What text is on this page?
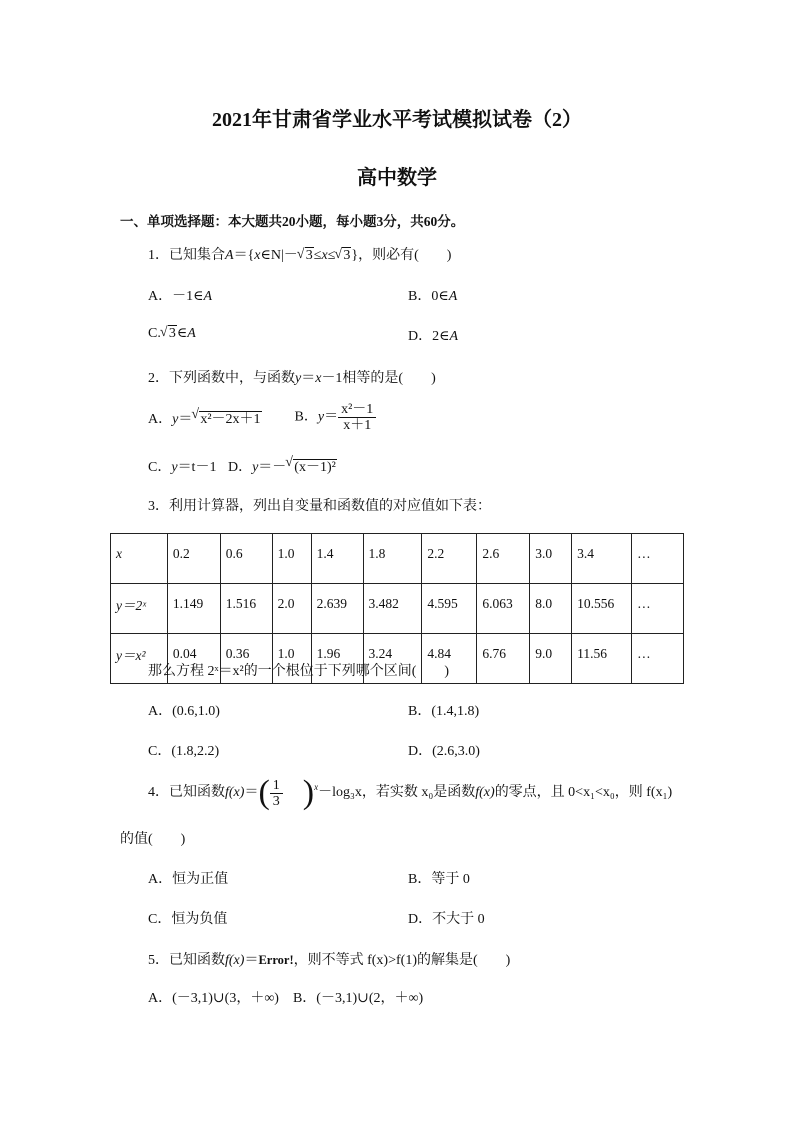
2021年甘肃省学业水平考试模拟试卷（2）
高中数学
一、单项选择题：本大题共20小题，每小题3分，共60分。
1．已知集合A＝{x∈N|－ √ 3≤x≤ √ 3}，则必有(　　)
A．－1∈A	B．0∈A
C. √ 3∈A	D．2∈A
2．下列函数中，与函数y＝x－1相等的是(　　)
A．y＝ √ x²－2x＋1 B．$y= \frac{\text{x²－1}}{x+1}$
C．y＝t－1 D．y＝－ √ (x－1)²
3．利用计算器，列出自变量和函数值的对应值如下表：
x	0.2	0.6	1.0	1.4	1.8	2.2	2.6	3.0	3.4	…
y＝2ˣ	1.149	1.516	2.0	2.639	3.482	4.595	6.063	8.0	10.556	…
y＝x²	0.04	0.36	1.0	1.96	3.24	4.84	6.76	9.0	11.56	…
那么方程 2ˣ＝x²的一个根位于下列哪个区间(　　)
A．(0.6,1.0)	B．(1.4,1.8)
C．(1.8,2.2)	D．(2.6,3.0)
4．已知函数$f(x)=( \frac{1}{3} )^x-\log_3x$，若实数 x₀是函数f(x)的零点，且 0<x₁<x₀，则 f(x₁)
的值(　　)
A．恒为正值	B．等于 0
C．恒为负值	D．不大于 0
5．已知函数f(x)＝Error!，则不等式 f(x)>f(1)的解集是(　　)
A．(－3,1)∪(3，＋∞)　B．(－3,1)∪(2，＋∞)
